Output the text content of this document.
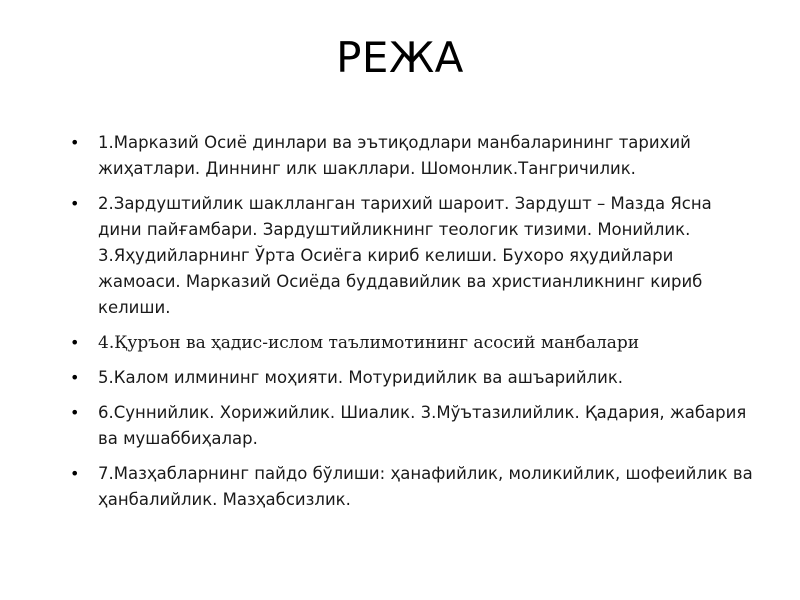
РЕЖА
• 1.Марказий Осиё динлари ва эътиқодлари манбаларининг тарихий жиҳатлари. Диннинг илк шакллари. Шомонлик.Тангричилик.
• 2.Зардуштийлик шаклланган тарихий шароит. Зардушт – Мазда Ясна дини пайғамбари. Зардуштийликнинг теологик тизими. Монийлик. 3.Яҳудийларнинг Ўрта Осиёга кириб келиши. Бухоро яҳудийлари жамоаси. Марказий Осиёда буддавийлик ва христианликнинг кириб келиши.
• 4.Қуръон ва ҳадис-ислом таълимотининг асосий манбалари
• 5.Калом илмининг моҳияти. Мотуридийлик ва ашъарийлик.
• 6.Суннийлик. Хорижийлик. Шиалик. 3.Мўътазилийлик. Қадария, жабария ва мушаббиҳалар.
• 7.Мазҳабларнинг пайдо бўлиши: ҳанафийлик, моликийлик, шофеийлик ва ҳанбалийлик. Мазҳабсизлик.
